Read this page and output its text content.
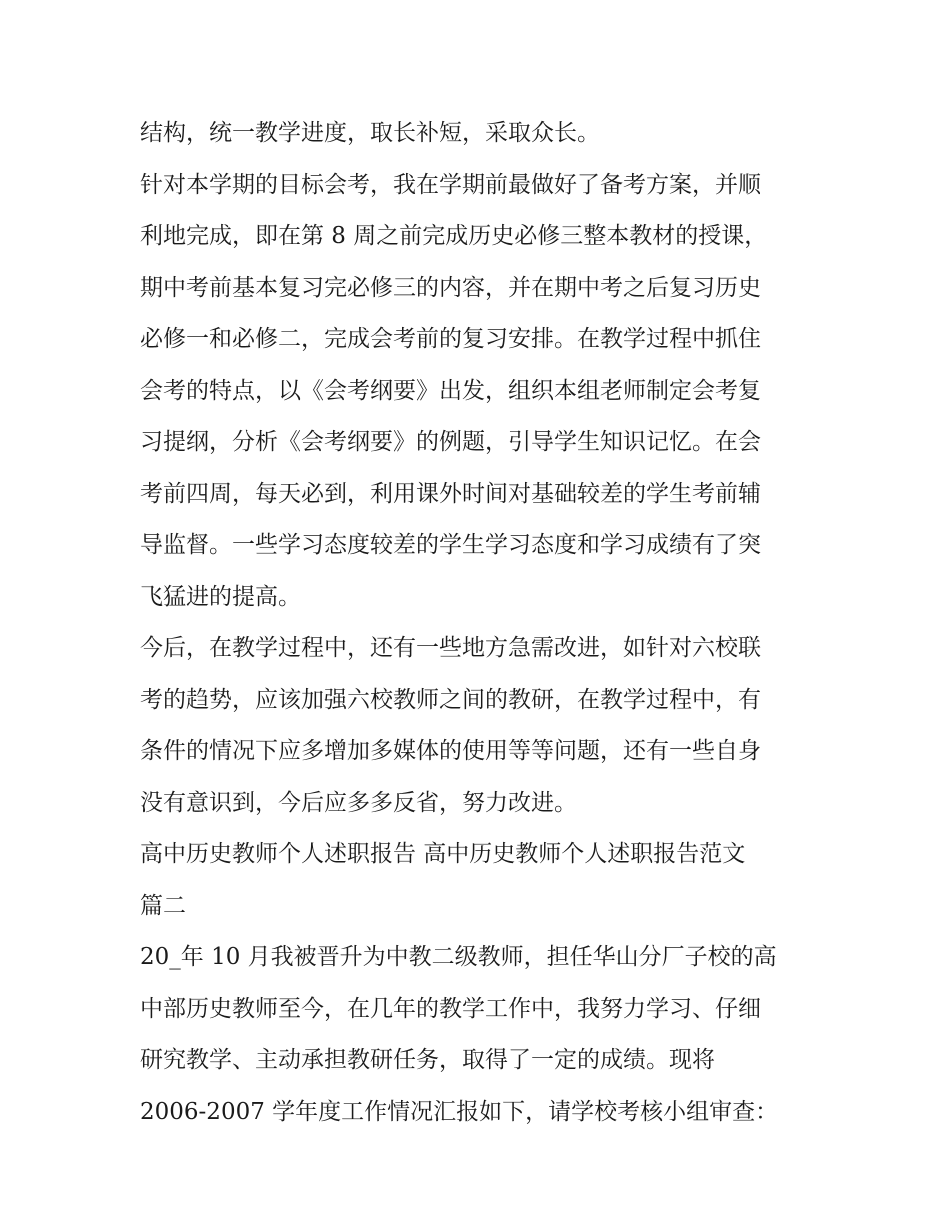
结构，统一教学进度，取长补短，采取众长。
针对本学期的目标会考，我在学期前最做好了备考方案，并顺
利地完成，即在第 8 周之前完成历史必修三整本教材的授课，
期中考前基本复习完必修三的内容，并在期中考之后复习历史
必修一和必修二，完成会考前的复习安排。在教学过程中抓住
会考的特点，以《会考纲要》出发，组织本组老师制定会考复
习提纲，分析《会考纲要》的例题，引导学生知识记忆。在会
考前四周，每天必到，利用课外时间对基础较差的学生考前辅
导监督。一些学习态度较差的学生学习态度和学习成绩有了突
飞猛进的提高。
今后，在教学过程中，还有一些地方急需改进，如针对六校联
考的趋势，应该加强六校教师之间的教研，在教学过程中，有
条件的情况下应多增加多媒体的使用等等问题，还有一些自身
没有意识到，今后应多多反省，努力改进。
高中历史教师个人述职报告 高中历史教师个人述职报告范文
篇二
20_年 10 月我被晋升为中教二级教师，担任华山分厂子校的高
中部历史教师至今，在几年的教学工作中，我努力学习、仔细
研究教学、主动承担教研任务，取得了一定的成绩。现将
2006-2007 学年度工作情况汇报如下，请学校考核小组审查：
